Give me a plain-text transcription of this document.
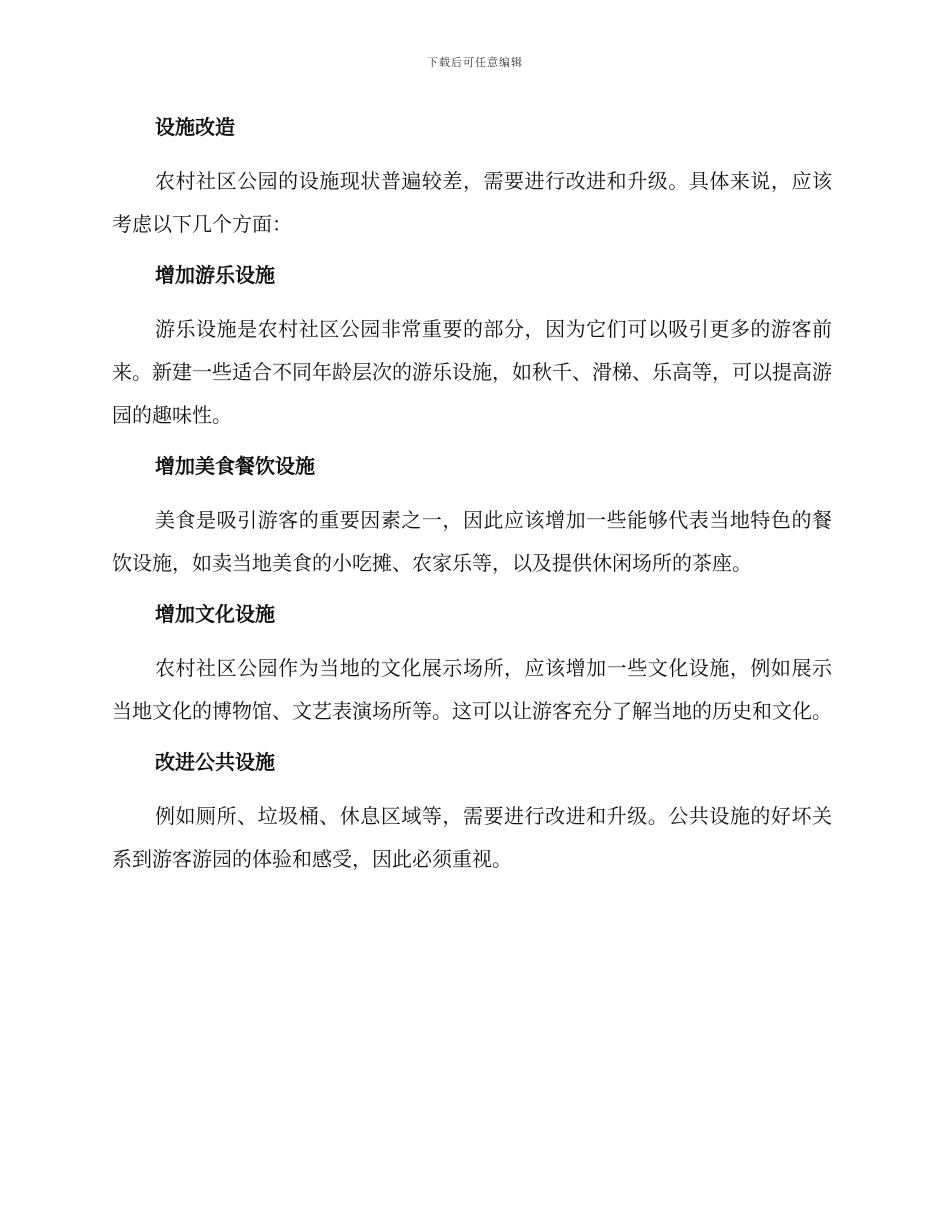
下载后可任意编辑
设施改造

农村社区公园的设施现状普遍较差，需要进行改进和升级。具体来说，应该考虑以下几个方面：

增加游乐设施

游乐设施是农村社区公园非常重要的部分，因为它们可以吸引更多的游客前来。新建一些适合不同年龄层次的游乐设施，如秋千、滑梯、乐高等，可以提高游园的趣味性。

增加美食餐饮设施

美食是吸引游客的重要因素之一，因此应该增加一些能够代表当地特色的餐饮设施，如卖当地美食的小吃摊、农家乐等，以及提供休闲场所的茶座。

增加文化设施

农村社区公园作为当地的文化展示场所，应该增加一些文化设施，例如展示当地文化的博物馆、文艺表演场所等。这可以让游客充分了解当地的历史和文化。

改进公共设施

例如厕所、垃圾桶、休息区域等，需要进行改进和升级。公共设施的好坏关系到游客游园的体验和感受，因此必须重视。
